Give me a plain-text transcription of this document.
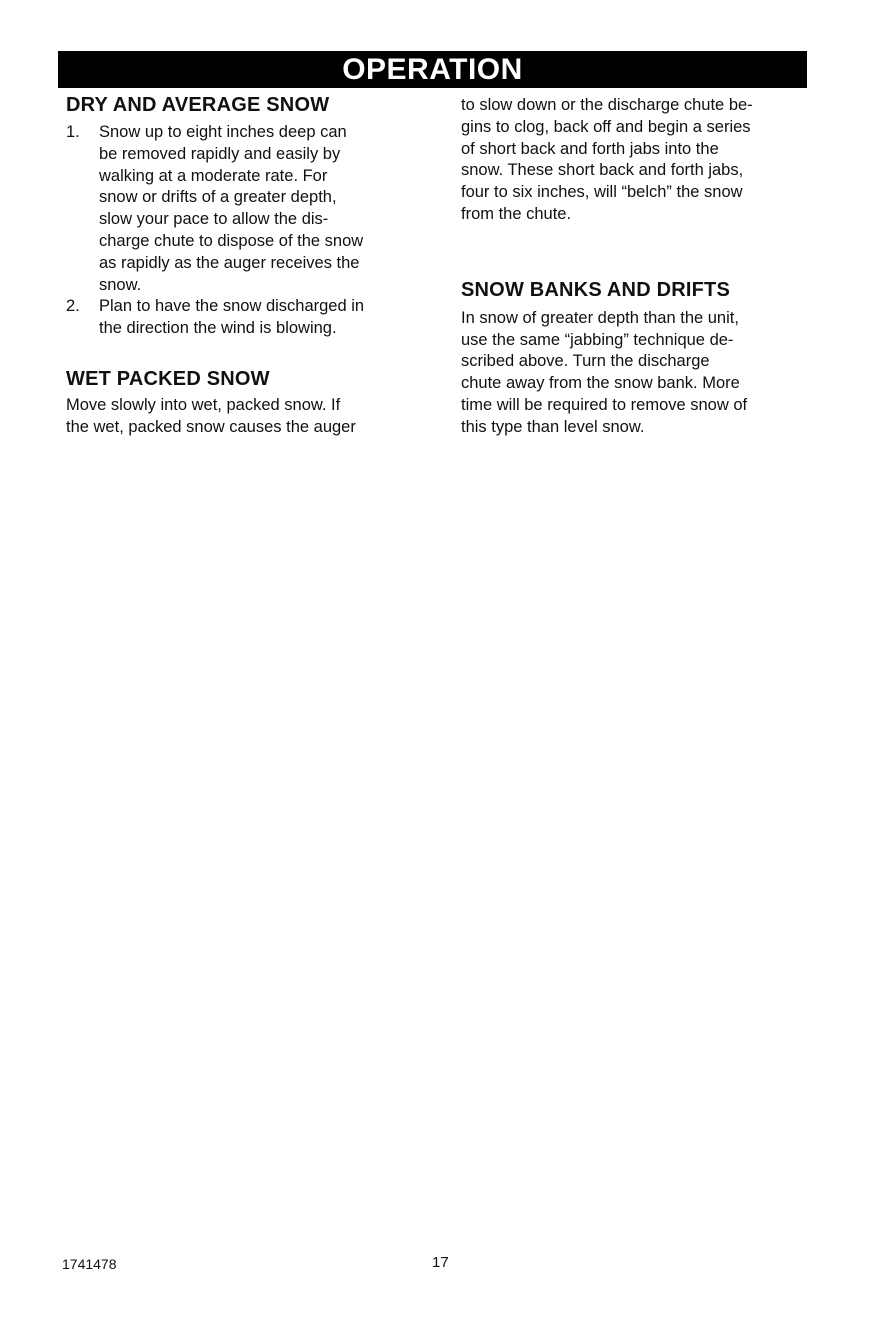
OPERATION
DRY AND AVERAGE SNOW
1.	Snow up to eight inches deep can
be removed rapidly and easily by
walking at a moderate rate. For
snow or drifts of a greater depth,
slow your pace to allow the dis-
charge chute to dispose of the snow
as rapidly as the auger receives the
snow.
2.	Plan to have the snow discharged in
the direction the wind is blowing.
WET PACKED SNOW
Move slowly into wet, packed snow. If
the wet, packed snow causes the auger
to slow down or the discharge chute be-
gins to clog, back off and begin a series
of short back and forth jabs into the
snow. These short back and forth jabs,
four to six inches, will “belch” the snow
from the chute.
SNOW BANKS AND DRIFTS
In snow of greater depth than the unit,
use the same “jabbing” technique de-
scribed above. Turn the discharge
chute away from the snow bank. More
time will be required to remove snow of
this type than level snow.
1741478	17
